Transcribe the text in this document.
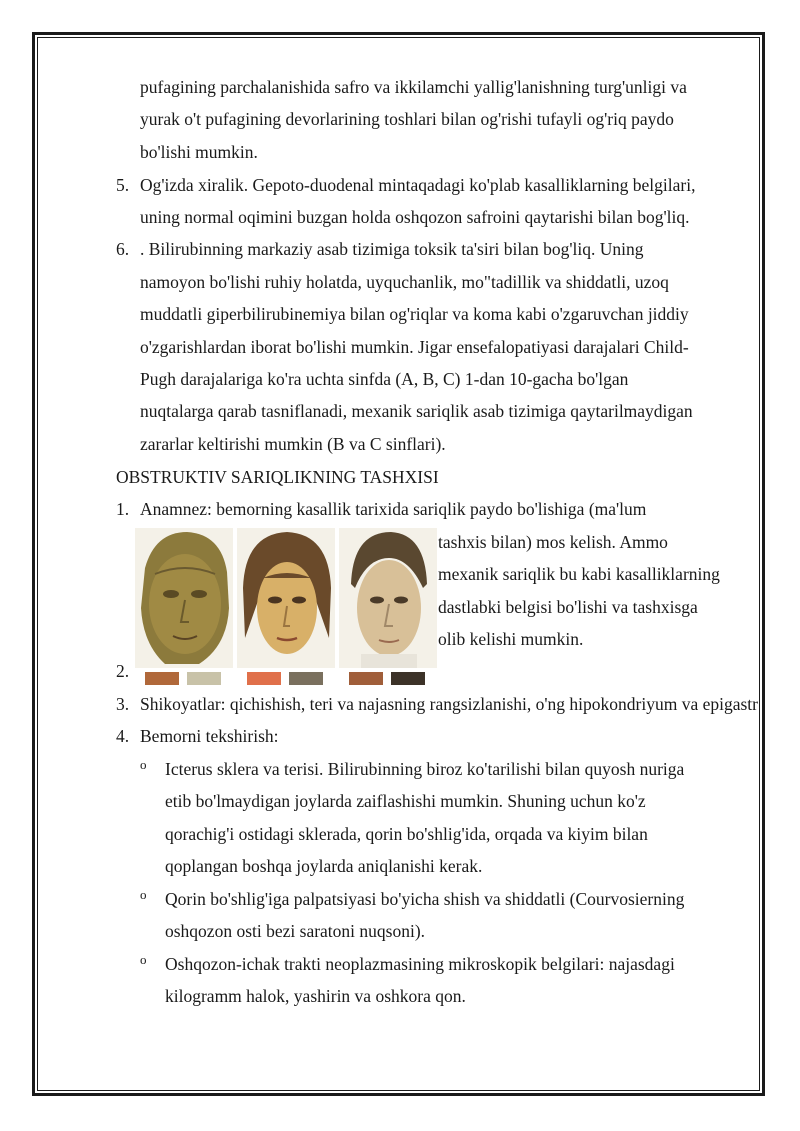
pufagining parchalanishida safro va ikkilamchi yallig'lanishning turg'unligi va
yurak o't pufagining devorlarining toshlari bilan og'rishi tufayli og'riq paydo
bo'lishi mumkin.
5. Og'izda xiralik. Gepoto-duodenal mintaqadagi ko'plab kasalliklarning belgilari,
uning normal oqimini buzgan holda oshqozon safroini qaytarishi bilan bog'liq.
6. . Bilirubinning markaziy asab tizimiga toksik ta'siri bilan bog'liq. Uning
namoyon bo'lishi ruhiy holatda, uyquchanlik, mo"tadillik va shiddatli, uzoq
muddatli giperbilirubinemiya bilan og'riqlar va koma kabi o'zgaruvchan jiddiy
o'zgarishlardan iborat bo'lishi mumkin. Jigar ensefalopatiyasi darajalari Child-
Pugh darajalariga ko'ra uchta sinfda (A, B, C) 1-dan 10-gacha bo'lgan
nuqtalarga qarab tasniflanadi, mexanik sariqlik asab tizimiga qaytarilmaydigan
zararlar keltirishi mumkin (B va C sinflari).
OBSTRUKTIV SARIQLIKNING TASHXISI
1. Anamnez: bemorning kasallik tarixida sariqlik paydo bo'lishiga (ma'lum
tashxis bilan) mos kelish. Ammo
mexanik sariqlik bu kabi kasalliklarning
dastlabki belgisi bo'lishi va tashxisga
olib kelishi mumkin.
2.
3. Shikoyatlar: qichishish, teri va najasning rangsizlanishi, o'ng hipokondriyum va epigastr
4. Bemorni tekshirish:
o Icterus sklera va terisi. Bilirubinning biroz ko'tarilishi bilan quyosh nuriga
etib bo'lmaydigan joylarda zaiflashishi mumkin. Shuning uchun ko'z
qorachig'i ostidagi sklerada, qorin bo'shlig'ida, orqada va kiyim bilan
qoplangan boshqa joylarda aniqlanishi kerak.
o Qorin bo'shlig'iga palpatsiyasi bo'yicha shish va shiddatli (Courvosierning
oshqozon osti bezi saratoni nuqsoni).
o Oshqozon-ichak trakti neoplazmasining mikroskopik belgilari: najasdagi
kilogramm halok, yashirin va oshkora qon.
